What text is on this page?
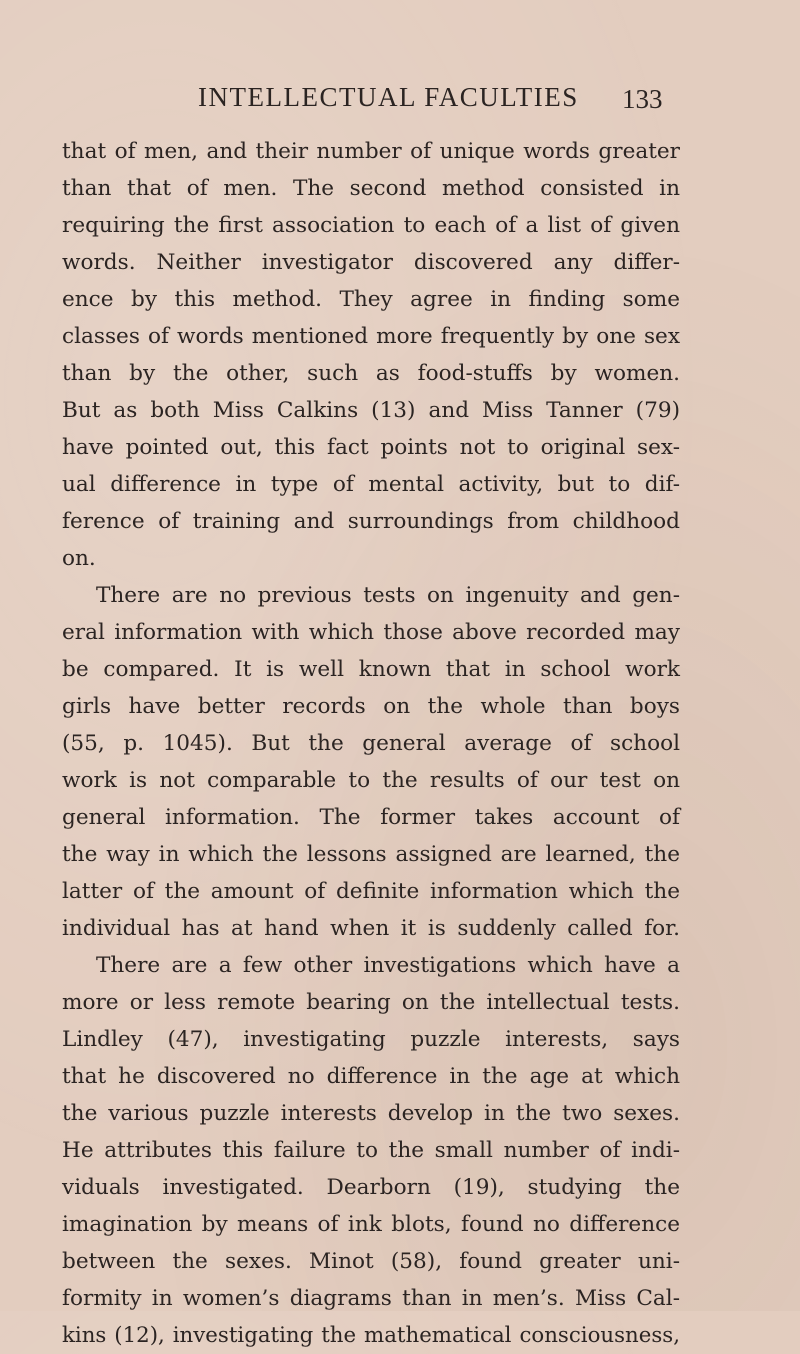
INTELLECTUAL FACULTIES 133
that of men, and their number of unique words greater
than that of men. The second method consisted in
requiring the first association to each of a list of given
words. Neither investigator discovered any differ-
ence by this method. They agree in finding some
classes of words mentioned more frequently by one sex
than by the other, such as food-stuffs by women.
But as both Miss Calkins (13) and Miss Tanner (79)
have pointed out, this fact points not to original sex-
ual difference in type of mental activity, but to dif-
ference of training and surroundings from childhood
on.
There are no previous tests on ingenuity and gen-
eral information with which those above recorded may
be compared. It is well known that in school work
girls have better records on the whole than boys
(55, p. 1045). But the general average of school
work is not comparable to the results of our test on
general information. The former takes account of
the way in which the lessons assigned are learned, the
latter of the amount of definite information which the
individual has at hand when it is suddenly called for.
There are a few other investigations which have a
more or less remote bearing on the intellectual tests.
Lindley (47), investigating puzzle interests, says
that he discovered no difference in the age at which
the various puzzle interests develop in the two sexes.
He attributes this failure to the small number of indi-
viduals investigated. Dearborn (19), studying the
imagination by means of ink blots, found no difference
between the sexes. Minot (58), found greater uni-
formity in women’s diagrams than in men’s. Miss Cal-
kins (12), investigating the mathematical consciousness,
